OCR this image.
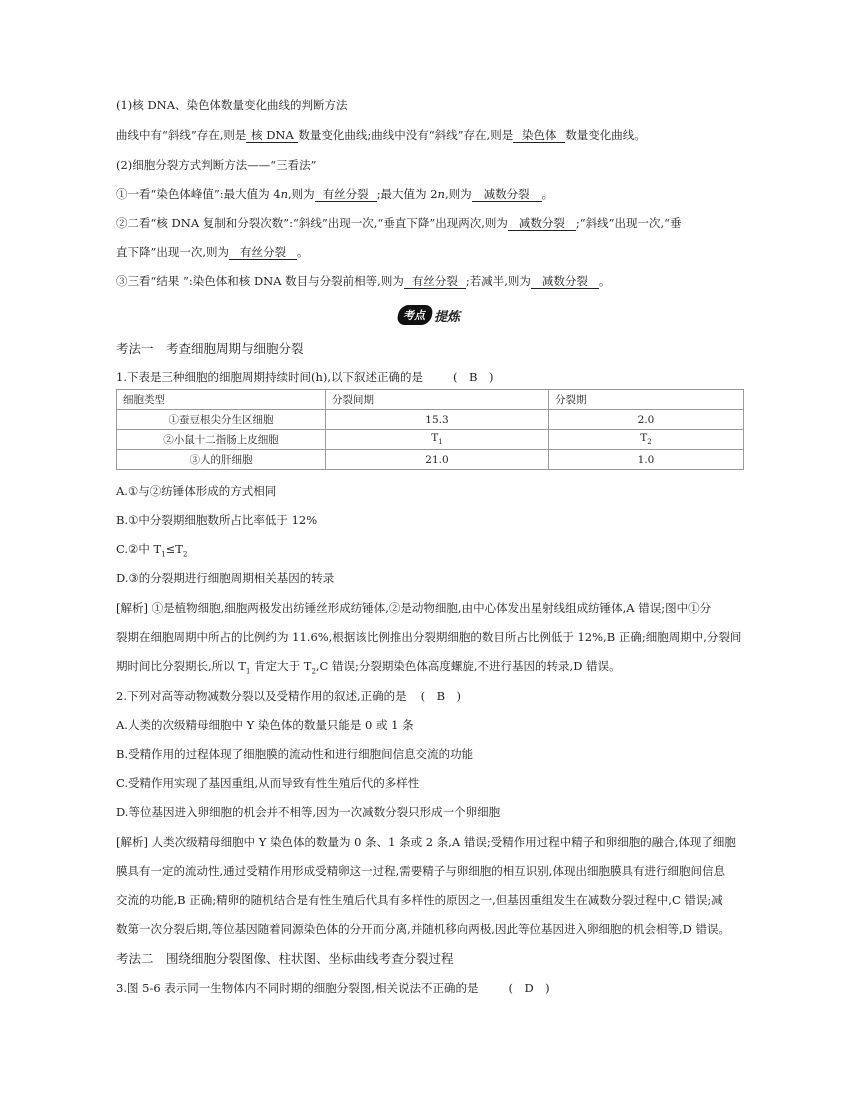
(1)核 DNA、染色体数量变化曲线的判断方法
曲线中有“斜线”存在,则是 核 DNA 数量变化曲线;曲线中没有“斜线”存在,则是 染色体 数量变化曲线。
(2)细胞分裂方式判断方法——“三看法”
①一看“染色体峰值”:最大值为 4n,则为 有丝分裂 ;最大值为 2n,则为 减数分裂 。
②二看“核 DNA 复制和分裂次数”:“斜线”出现一次,“垂直下降”出现两次,则为 减数分裂 ;“斜线”出现一次,“垂
直下降”出现一次,则为 有丝分裂 。
③三看“结果 ”:染色体和核 DNA 数目与分裂前相等,则为 有丝分裂 ;若减半,则为 减数分裂 。
考点 提炼
考法一　考查细胞周期与细胞分裂
1.下表是三种细胞的细胞周期持续时间(h),以下叙述正确的是	(　B　)
细胞类型	分裂间期	分裂期
①蚕豆根尖分生区细胞	15.3	2.0
②小鼠十二指肠上皮细胞	$T_1$	$T_2$
③人的肝细胞	21.0	1.0
A.①与②纺锤体形成的方式相同
B.①中分裂期细胞数所占比率低于 12%
C.②中 $T_1\le T_2$
D.③的分裂期进行细胞周期相关基因的转录
[解析] ①是植物细胞,细胞两极发出纺锤丝形成纺锤体,②是动物细胞,由中心体发出星射线组成纺锤体,A 错误;图中①分
裂期在细胞周期中所占的比例约为 11.6%,根据该比例推出分裂期细胞的数目所占比例低于 12%,B 正确;细胞周期中,分裂间
期时间比分裂期长,所以 $T_1$ 肯定大于 $T_2,C$ 错误;分裂期染色体高度螺旋,不进行基因的转录,D 错误。
2.下列对高等动物减数分裂以及受精作用的叙述,正确的是 (　B　)
A.人类的次级精母细胞中 Y 染色体的数量只能是 0 或 1 条
B.受精作用的过程体现了细胞膜的流动性和进行细胞间信息交流的功能
C.受精作用实现了基因重组,从而导致有性生殖后代的多样性
D.等位基因进入卵细胞的机会并不相等,因为一次减数分裂只形成一个卵细胞
[解析] 人类次级精母细胞中 Y 染色体的数量为 0 条、1 条或 2 条,A 错误;受精作用过程中精子和卵细胞的融合,体现了细胞
膜具有一定的流动性,通过受精作用形成受精卵这一过程,需要精子与卵细胞的相互识别,体现出细胞膜具有进行细胞间信息
交流的功能,B 正确;精卵的随机结合是有性生殖后代具有多样性的原因之一,但基因重组发生在减数分裂过程中,C 错误;减
数第一次分裂后期,等位基因随着同源染色体的分开而分离,并随机移向两极,因此等位基因进入卵细胞的机会相等,D 错误。
考法二　围绕细胞分裂图像、柱状图、坐标曲线考查分裂过程
3.图 5-6 表示同一生物体内不同时期的细胞分裂图,相关说法不正确的是	(　D　)
